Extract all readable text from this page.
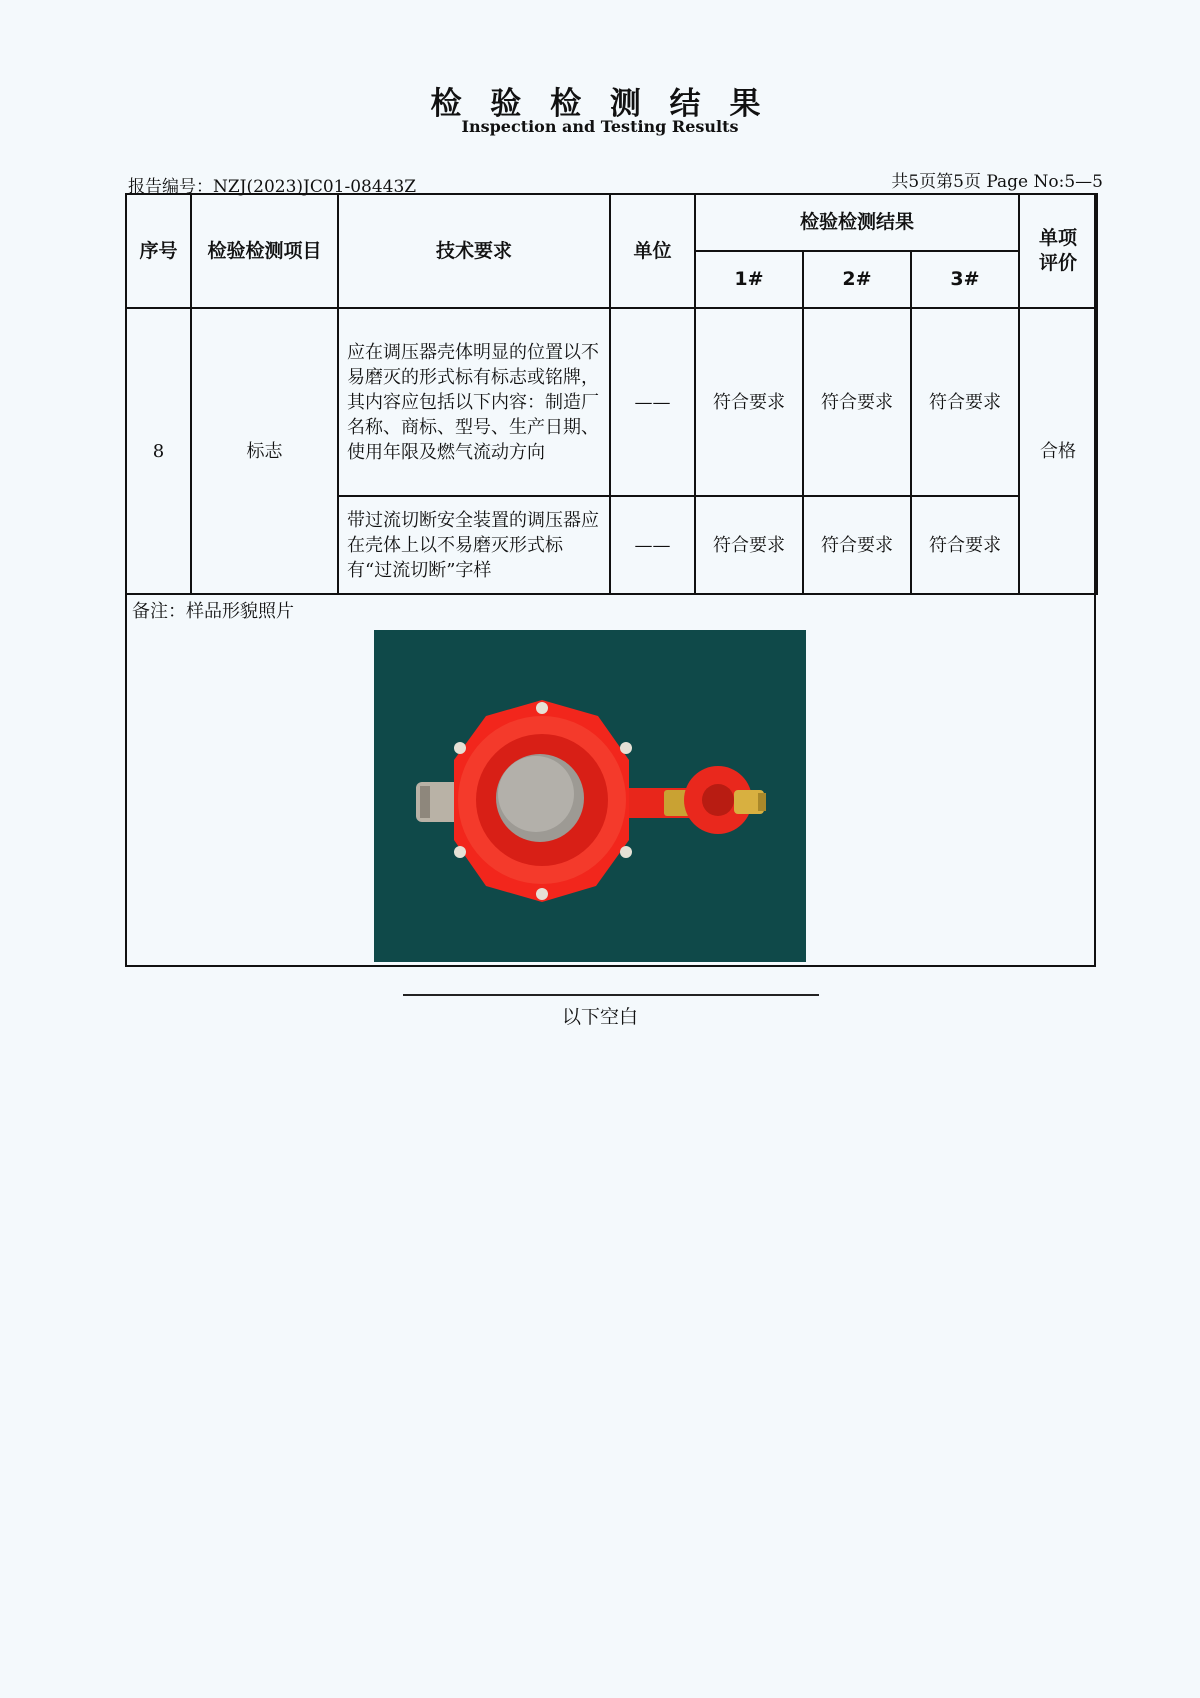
检 验 检 测 结 果
Inspection and Testing Results
报告编号：NZJ(2023)JC01-08443Z	共5页第5页 Page No:5—5
序号	检验检测项目	技术要求	单位	检验检测结果			单项评价
				1#	2#	3#	
8	标志	应在调压器壳体明显的位置以不易磨灭的形式标有标志或铭牌，其内容应包括以下内容：制造厂名称、商标、型号、生产日期、使用年限及燃气流动方向	——	符合要求	符合要求	符合要求	合格
		带过流切断安全装置的调压器应在壳体上以不易磨灭形式标有“过流切断”字样	——	符合要求	符合要求	符合要求	
备注：样品形貌照片
以下空白
